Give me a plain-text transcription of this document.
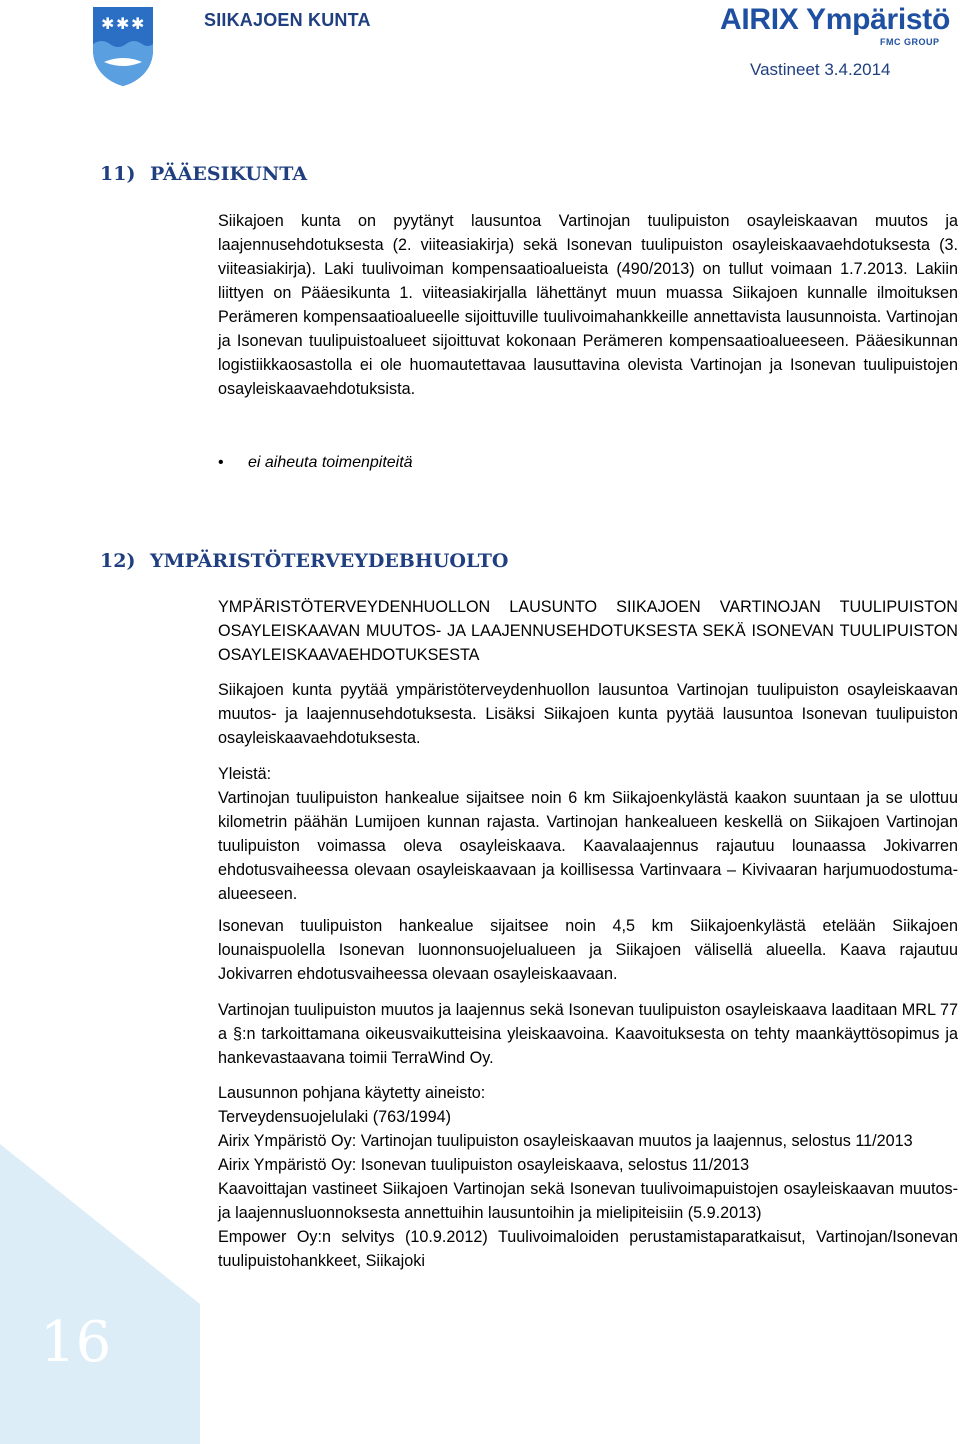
✱ ✱ ✱	SIIKAJOEN KUNTA	AIRIX Ympäristö
FMC GROUP
Vastineet 3.4.2014
11) PÄÄESIKUNTA

Siikajoen kunta on pyytänyt lausuntoa Vartinojan tuulipuiston osayleiskaavan muutos ja laajennusehdotuksesta (2. viiteasiakirja) sekä Isonevan tuulipuiston osayleiskaavaehdotuksesta (3. viiteasiakirja). Laki tuulivoiman kompensaatioalueista (490/2013) on tullut voimaan 1.7.2013. Lakiin liittyen on Pääesikunta 1. viiteasiakirjalla lähettänyt muun muassa Siikajoen kunnalle ilmoituksen Perämeren kompensaatioalueelle sijoittuville tuulivoimahankkeille annettavista lausunnoista. Vartinojan ja Isonevan tuulipuistoalueet sijoittuvat kokonaan Perämeren kompensaatioalueeseen. Pääesikunnan logistiikkaosastolla ei ole huomautettavaa lausuttavina olevista Vartinojan ja Isonevan tuulipuistojen osayleiskaavaehdotuksista.

• ei aiheuta toimenpiteitä
12) YMPÄRISTÖTERVEYDEBHUOLTO

YMPÄRISTÖTERVEYDENHUOLLON LAUSUNTO SIIKAJOEN VARTINOJAN TUULIPUISTON OSAYLEISKAAVAN MUUTOS- JA LAAJENNUSEHDOTUKSESTA SEKÄ ISONEVAN TUULIPUISTON OSAYLEISKAAVAEHDOTUKSESTA

Siikajoen kunta pyytää ympäristöterveydenhuollon lausuntoa Vartinojan tuulipuiston osayleiskaavan muutos- ja laajennusehdotuksesta. Lisäksi Siikajoen kunta pyytää lausuntoa Isonevan tuulipuiston osayleiskaavaehdotuksesta.

Yleistä:

Vartinojan tuulipuiston hankealue sijaitsee noin 6 km Siikajoenkylästä kaakon suuntaan ja se ulottuu kilometrin päähän Lumijoen kunnan rajasta. Vartinojan hankealueen keskellä on Siikajoen Vartinojan tuulipuiston voimassa oleva osayleiskaava. Kaavalaajennus rajautuu lounaassa Jokivarren ehdotusvaiheessa olevaan osayleiskaavaan ja koillisessa Vartinvaara – Kivivaaran harjumuodostuma-alueeseen.

Isonevan tuulipuiston hankealue sijaitsee noin 4,5 km Siikajoenkylästä etelään Siikajoen lounaispuolella Isonevan luonnonsuojelualueen ja Siikajoen välisellä alueella. Kaava rajautuu Jokivarren ehdotusvaiheessa olevaan osayleiskaavaan.

Vartinojan tuulipuiston muutos ja laajennus sekä Isonevan tuulipuiston osayleiskaava laaditaan MRL 77 a §:n tarkoittamana oikeusvaikutteisina yleiskaavoina. Kaavoituksesta on tehty maankäyttösopimus ja hankevastaavana toimii TerraWind Oy.

Lausunnon pohjana käytetty aineisto:

Terveydensuojelulaki (763/1994)
Airix Ympäristö Oy: Vartinojan tuulipuiston osayleiskaavan muutos ja laajennus, selostus 11/2013
Airix Ympäristö Oy: Isonevan tuulipuiston osayleiskaava, selostus 11/2013
Kaavoittajan vastineet Siikajoen Vartinojan sekä Isonevan tuulivoimapuistojen osayleiskaavan muutos- ja laajennusluonnoksesta annettuihin lausuntoihin ja mielipiteisiin (5.9.2013)
Empower Oy:n selvitys (10.9.2012) Tuulivoimaloiden perustamistaparatkaisut, Vartinojan/Isonevan tuulipuistohankkeet, Siikajoki
16
